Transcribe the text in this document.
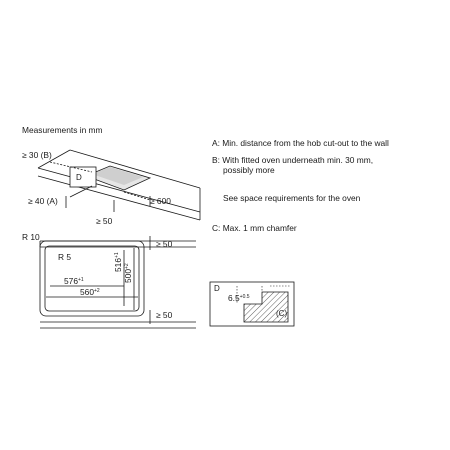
Measurements in mm
A: Min. distance from the hob cut-out to the wall
B: With fitted oven underneath min. 30 mm,
possibly more
See space requirements for the oven
C: Max. 1 mm chamfer
≥ 30 (B)
≥ 40 (A)
D
≥ 600
≥ 50
R 10
R 5
≥ 50
≥ 50
$516^{+1}$
$500^{+2}$
$576^{+1}$
$560^{+2}$	D
$6.5^{+0.5}$
(C)
